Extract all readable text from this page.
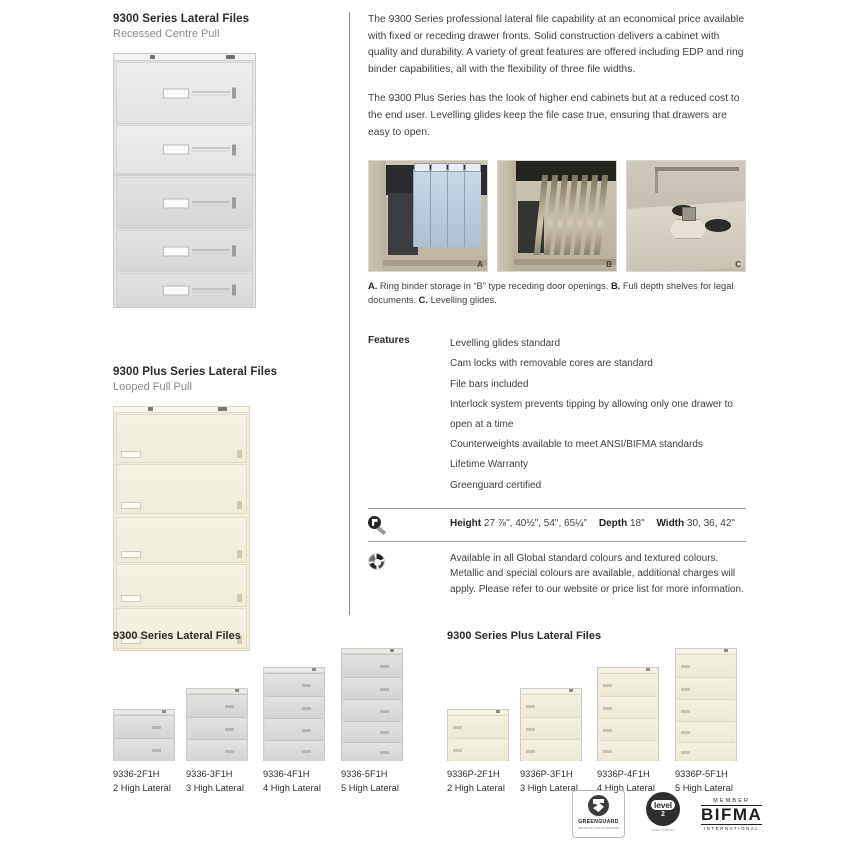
9300 Series Lateral Files
Recessed Centre Pull
9300 Plus Series Lateral Files
Looped Full Pull

The 9300 Series professional lateral file capability at an economical price available with fixed or receding drawer fronts. Solid construction delivers a cabinet with quality and durability. A variety of great features are offered including EDP and ring binder capabilities, all with the flexibility of three file widths.

The 9300 Plus Series has the look of higher end cabinets but at a reduced cost to the end user. Levelling glides keep the file case true, ensuring that drawers are easy to open.

A	B	C
A. Ring binder storage in “B” type receding door openings. B. Full depth shelves for legal documents. C. Levelling glides.
Features	Levelling glides standard
Cam locks with removable cores are standard
File bars included
Interlock system prevents tipping by allowing only one drawer to open at a time
Counterweights available to meet ANSI/BIFMA standards
Lifetime Warranty
Greenguard certified
Height 27 ⅞", 40½", 54", 65¼" Depth 18" Width 30, 36, 42"
Available in all Global standard colours and textured colours. Metallic and special colours are available, additional charges will apply. Please refer to our website or price list for more information.
9300 Series Lateral Files
9336-2F1H
2 High Lateral
9336-3F1H
3 High Lateral
9336-4F1H
4 High Lateral
9336-5F1H
5 High Lateral
9300 Series Plus Lateral Files
9336P-2F1H
2 High Lateral
9336P-3F1H
3 High Lateral
9336P-4F1H
4 High Lateral
9336P-5F1H
5 High Lateral
GREENGUARD
INDOOR AIR QUALITY CERTIFIED
level
2
certified to BIFMA
MEMBER
BIFMA
INTERNATIONAL
